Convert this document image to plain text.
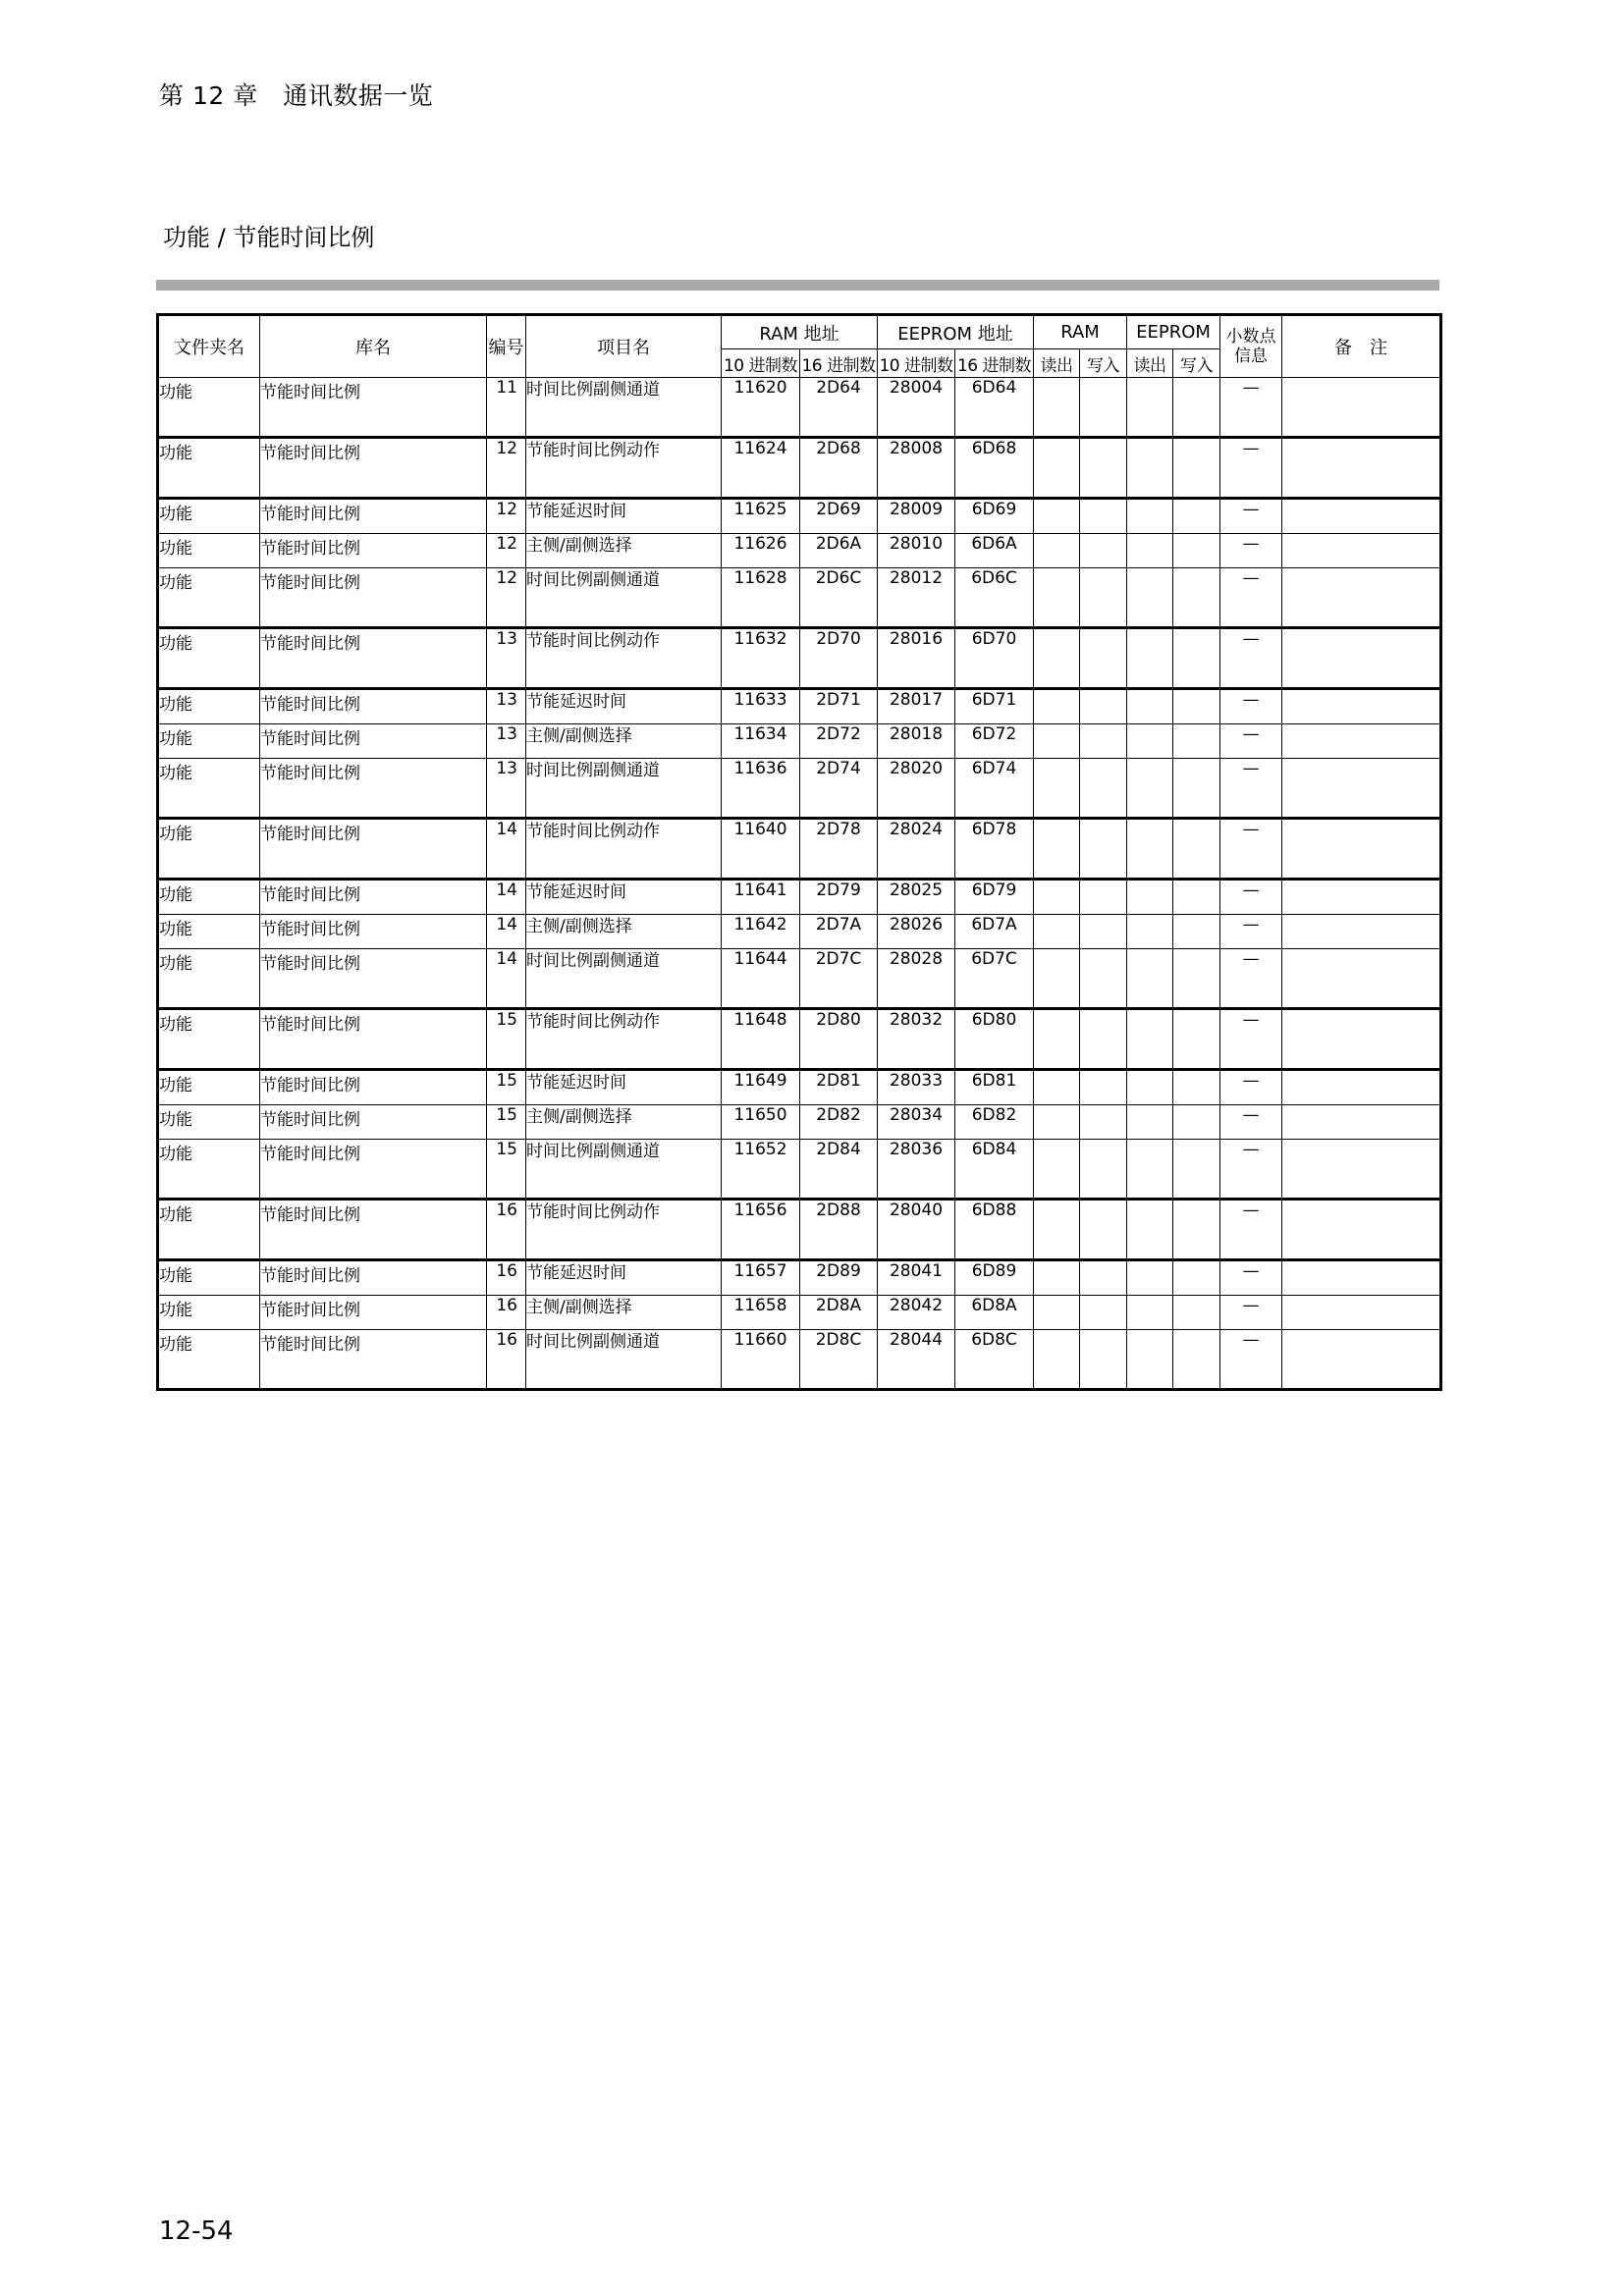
第 12 章　通讯数据一览
功能 / 节能时间比例
文件夹名	库名	编号	项目名	RAM 地址		EEPROM 地址		RAM		EEPROM		小数点
信息	备　注
				10 进制数	16 进制数	10 进制数	16 进制数	读出	写入	读出	写入		
功能	节能时间比例	11	时间比例副侧通道	11620	2D64	28004	6D64					—	
功能	节能时间比例	12	节能时间比例动作	11624	2D68	28008	6D68					—	
功能	节能时间比例	12	节能延迟时间	11625	2D69	28009	6D69					—	
功能	节能时间比例	12	主侧/副侧选择	11626	2D6A	28010	6D6A					—	
功能	节能时间比例	12	时间比例副侧通道	11628	2D6C	28012	6D6C					—	
功能	节能时间比例	13	节能时间比例动作	11632	2D70	28016	6D70					—	
功能	节能时间比例	13	节能延迟时间	11633	2D71	28017	6D71					—	
功能	节能时间比例	13	主侧/副侧选择	11634	2D72	28018	6D72					—	
功能	节能时间比例	13	时间比例副侧通道	11636	2D74	28020	6D74					—	
功能	节能时间比例	14	节能时间比例动作	11640	2D78	28024	6D78					—	
功能	节能时间比例	14	节能延迟时间	11641	2D79	28025	6D79					—	
功能	节能时间比例	14	主侧/副侧选择	11642	2D7A	28026	6D7A					—	
功能	节能时间比例	14	时间比例副侧通道	11644	2D7C	28028	6D7C					—	
功能	节能时间比例	15	节能时间比例动作	11648	2D80	28032	6D80					—	
功能	节能时间比例	15	节能延迟时间	11649	2D81	28033	6D81					—	
功能	节能时间比例	15	主侧/副侧选择	11650	2D82	28034	6D82					—	
功能	节能时间比例	15	时间比例副侧通道	11652	2D84	28036	6D84					—	
功能	节能时间比例	16	节能时间比例动作	11656	2D88	28040	6D88					—	
功能	节能时间比例	16	节能延迟时间	11657	2D89	28041	6D89					—	
功能	节能时间比例	16	主侧/副侧选择	11658	2D8A	28042	6D8A					—	
功能	节能时间比例	16	时间比例副侧通道	11660	2D8C	28044	6D8C					—	
12-54
